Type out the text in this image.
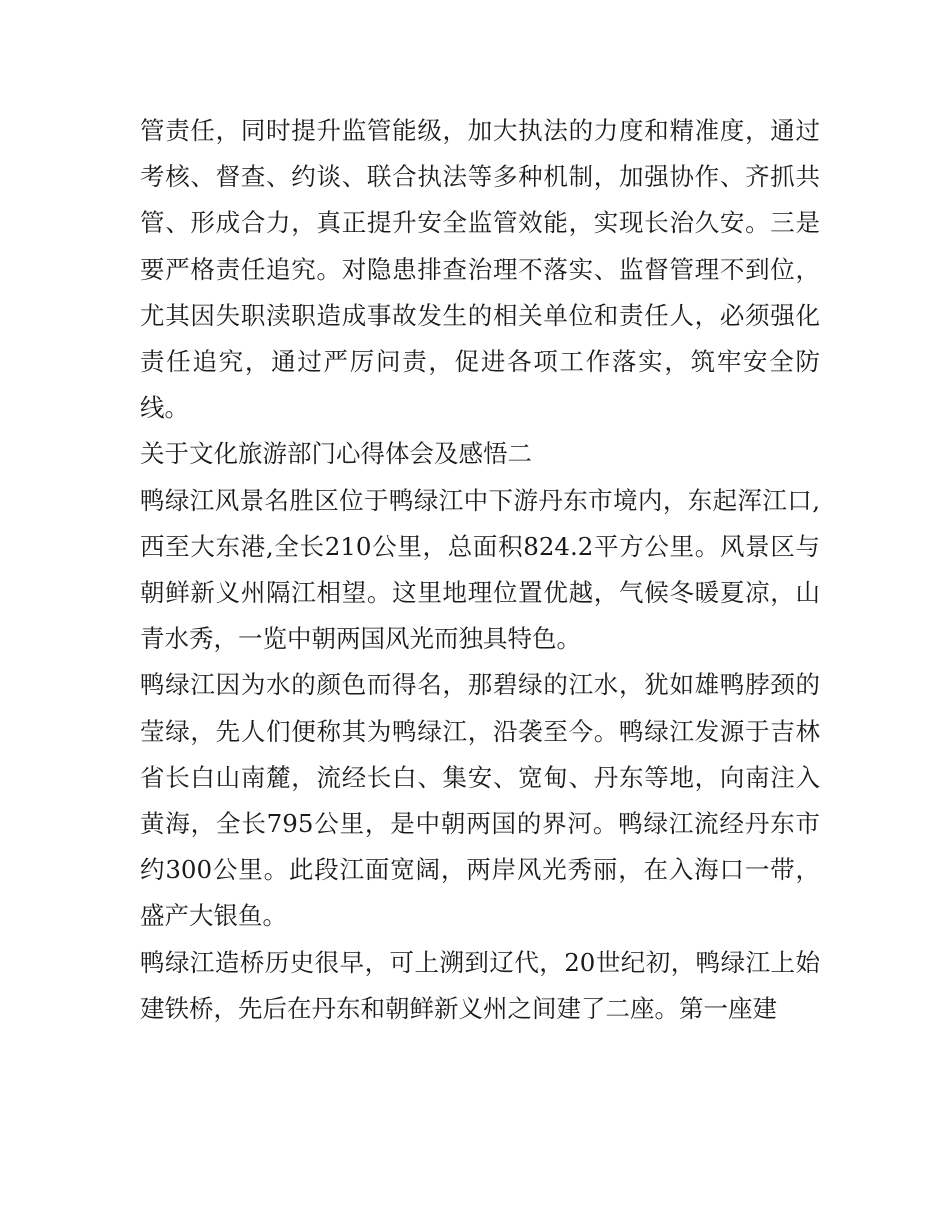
管责任，同时提升监管能级，加大执法的力度和精准度，通过考核、督查、约谈、联合执法等多种机制，加强协作、齐抓共管、形成合力，真正提升安全监管效能，实现长治久安。三是要严格责任追究。对隐患排查治理不落实、监督管理不到位，尤其因失职渎职造成事故发生的相关单位和责任人，必须强化责任追究，通过严厉问责，促进各项工作落实，筑牢安全防线。

关于文化旅游部门心得体会及感悟二

鸭绿江风景名胜区位于鸭绿江中下游丹东市境内，东起浑江口,西至大东港,全长210公里，总面积824.2平方公里。风景区与朝鲜新义州隔江相望。这里地理位置优越，气候冬暖夏凉，山青水秀，一览中朝两国风光而独具特色。

鸭绿江因为水的颜色而得名，那碧绿的江水，犹如雄鸭脖颈的莹绿，先人们便称其为鸭绿江，沿袭至今。鸭绿江发源于吉林省长白山南麓，流经长白、集安、宽甸、丹东等地，向南注入黄海，全长795公里，是中朝两国的界河。鸭绿江流经丹东市约300公里。此段江面宽阔，两岸风光秀丽，在入海口一带，盛产大银鱼。

鸭绿江造桥历史很早，可上溯到辽代，20世纪初，鸭绿江上始建铁桥，先后在丹东和朝鲜新义州之间建了二座。第一座建
